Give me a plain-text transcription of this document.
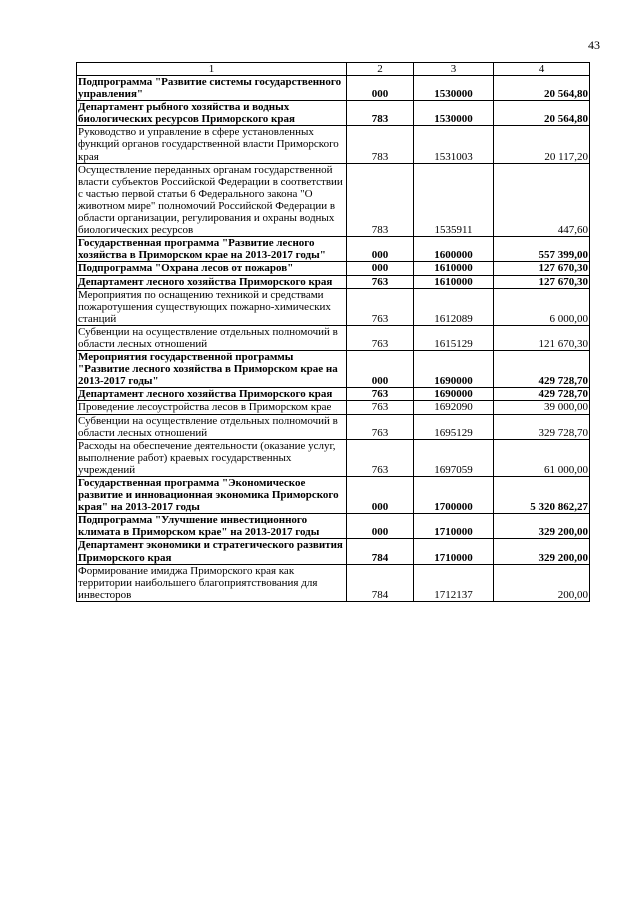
43
1	2	3	4
Подпрограмма "Развитие системы государственного управления"	000	1530000	20 564,80
Департамент рыбного хозяйства и водных биологических ресурсов Приморского края	783	1530000	20 564,80
Руководство и управление в сфере установленных функций органов государственной власти Приморского края	783	1531003	20 117,20
Осуществление переданных органам государственной власти субъектов Российской Федерации в соответствии с частью первой статьи 6 Федерального закона "О животном мире" полномочий Российской Федерации в области организации, регулирования и охраны водных биологических ресурсов	783	1535911	447,60
Государственная программа "Развитие лесного хозяйства в Приморском крае на 2013-2017 годы"	000	1600000	557 399,00
Подпрограмма "Охрана лесов от пожаров"	000	1610000	127 670,30
Департамент лесного хозяйства Приморского края	763	1610000	127 670,30
Мероприятия по оснащению техникой и средствами пожаротушения существующих пожарно-химических станций	763	1612089	6 000,00
Субвенции на осуществление отдельных полномочий в области лесных отношений	763	1615129	121 670,30
Мероприятия государственной программы "Развитие лесного хозяйства в Приморском крае на 2013-2017 годы"	000	1690000	429 728,70
Департамент лесного хозяйства Приморского края	763	1690000	429 728,70
Проведение лесоустройства лесов в Приморском крае	763	1692090	39 000,00
Субвенции на осуществление отдельных полномочий в области лесных отношений	763	1695129	329 728,70
Расходы на обеспечение деятельности (оказание услуг, выполнение работ) краевых государственных учреждений	763	1697059	61 000,00
Государственная программа "Экономическое развитие и инновационная экономика Приморского края" на 2013-2017 годы	000	1700000	5 320 862,27
Подпрограмма "Улучшение инвестиционного климата в Приморском крае" на 2013-2017 годы	000	1710000	329 200,00
Департамент экономики и стратегического развития Приморского края	784	1710000	329 200,00
Формирование имиджа Приморского края как территории наибольшего благоприятствования для инвесторов	784	1712137	200,00
